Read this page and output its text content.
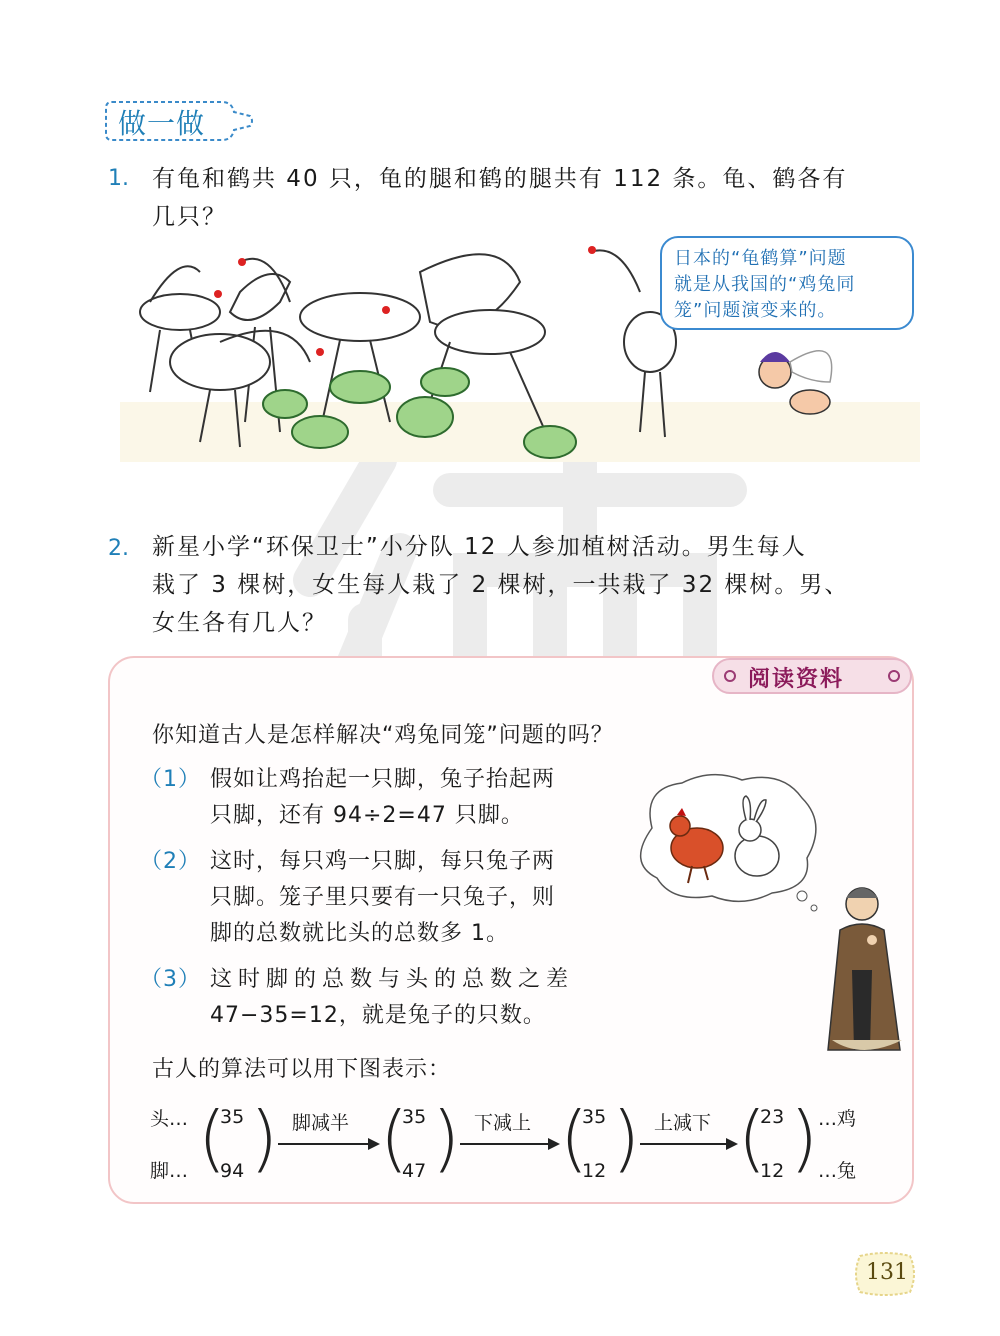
做一做
1. 有龟和鹤共 40 只，龟的腿和鹤的腿共有 112 条。龟、鹤各有
几只？
日本的“龟鹤算”问题
就是从我国的“鸡兔同
笼”问题演变来的。
2. 新星小学“环保卫士”小分队 12 人参加植树活动。男生每人
栽了 3 棵树，女生每人栽了 2 棵树，一共栽了 32 棵树。男、
女生各有几人？
阅读资料
你知道古人是怎样解决“鸡兔同笼”问题的吗？
（1） 假如让鸡抬起一只脚，兔子抬起两
只脚，还有 94÷2=47 只脚。
（2） 这时，每只鸡一只脚，每只兔子两
只脚。笼子里只要有一只兔子，则
脚的总数就比头的总数多 1。
（3） 这时脚的总数与头的总数之差
47−35=12，就是兔子的只数。
古人的算法可以用下图表示：
头…
脚… (
35
94 ) 脚减半 (
35
47 ) 下减上 (
35
12 ) 上减下 (
23
12 ) …鸡
…兔
131
